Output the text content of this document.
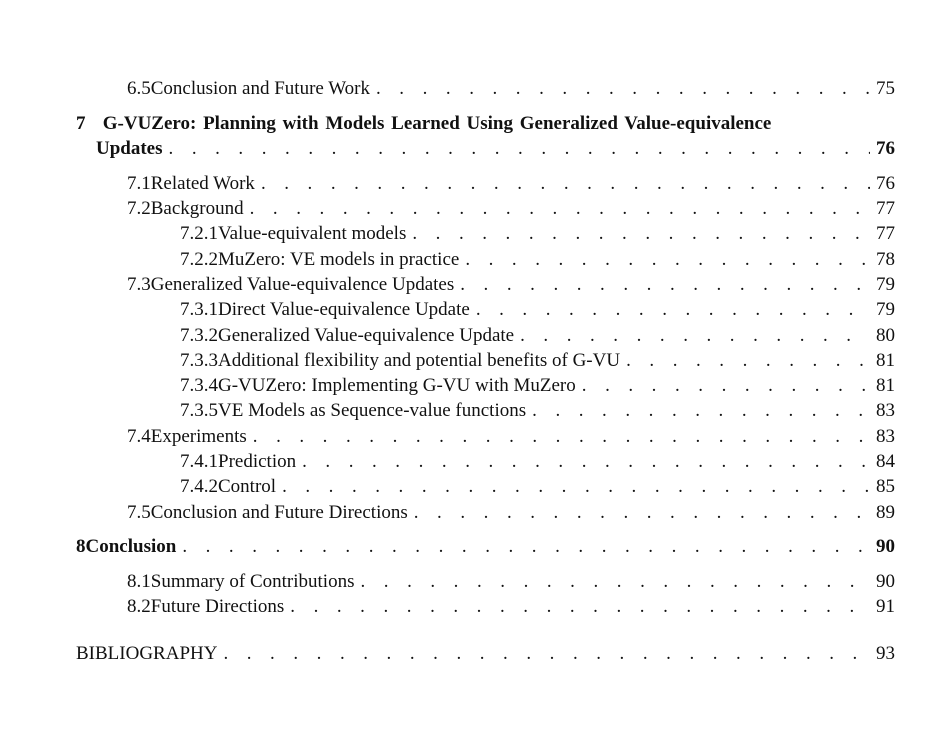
6.5 Conclusion and Future Work . . .	75
7 G-VUZero: Planning with Models Learned Using Generalized Value-equivalence
Updates . . .	76
7.1 Related Work . . .	76
7.2 Background . . .	77
7.2.1 Value-equivalent models . . .	77
7.2.2 MuZero: VE models in practice . . .	78
7.3 Generalized Value-equivalence Updates . . .	79
7.3.1 Direct Value-equivalence Update . . .	79
7.3.2 Generalized Value-equivalence Update . . .	80
7.3.3 Additional flexibility and potential benefits of G-VU . . .	81
7.3.4 G-VUZero: Implementing G-VU with MuZero . . .	81
7.3.5 VE Models as Sequence-value functions . . .	83
7.4 Experiments . . .	83
7.4.1 Prediction . . .	84
7.4.2 Control . . .	85
7.5 Conclusion and Future Directions . . .	89
8 Conclusion . . .	90
8.1 Summary of Contributions . . .	90
8.2 Future Directions . . .	91
BIBLIOGRAPHY . . .	93
